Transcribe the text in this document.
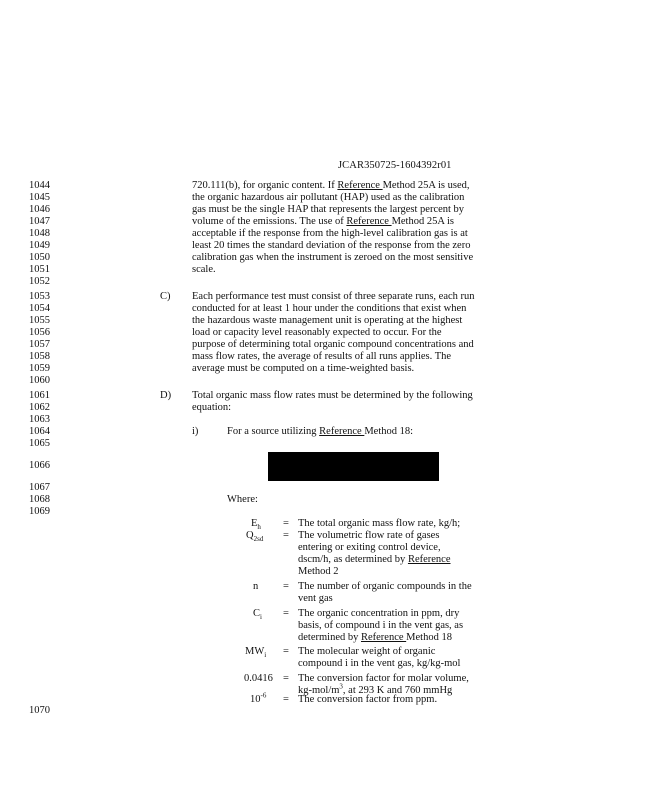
JCAR350725-1604392r01
1044
1045
1046
1047
1048
1049
1050
1051
1052
1053
1054
1055
1056
1057
1058
1059
1060
1061
1062
1063
1064
1065
1066
1067
1068
1069
1070
720.111(b), for organic content. If Reference Method 25A is used,
the organic hazardous air pollutant (HAP) used as the calibration
gas must be the single HAP that represents the largest percent by
volume of the emissions. The use of Reference Method 25A is
acceptable if the response from the high-level calibration gas is at
least 20 times the standard deviation of the response from the zero
calibration gas when the instrument is zeroed on the most sensitive
scale.
C) Each performance test must consist of three separate runs, each run
conducted for at least 1 hour under the conditions that exist when
the hazardous waste management unit is operating at the highest
load or capacity level reasonably expected to occur. For the
purpose of determining total organic compound concentrations and
mass flow rates, the average of results of all runs applies. The
average must be computed on a time-weighted basis.
D) Total organic mass flow rates must be determined by the following
equation:
i)	For a source utilizing Reference Method 18:
Where:
$E_h$ = The total organic mass flow rate, kg/h;
$Q_{2sd}$ = The volumetric flow rate of gases
entering or exiting control device,
dscm/h, as determined by Reference
Method 2
n = The number of organic compounds in the
vent gas
$C_i$ = The organic concentration in ppm, dry
basis, of compound i in the vent gas, as
determined by Reference Method 18
$MW_i$ = The molecular weight of organic
compound i in the vent gas, kg/kg-mol
0.0416 = The conversion factor for molar volume,
$kg-mol/m^3$, at 293 K and 760 mmHg
$10^{-6}$ = The conversion factor from ppm.
